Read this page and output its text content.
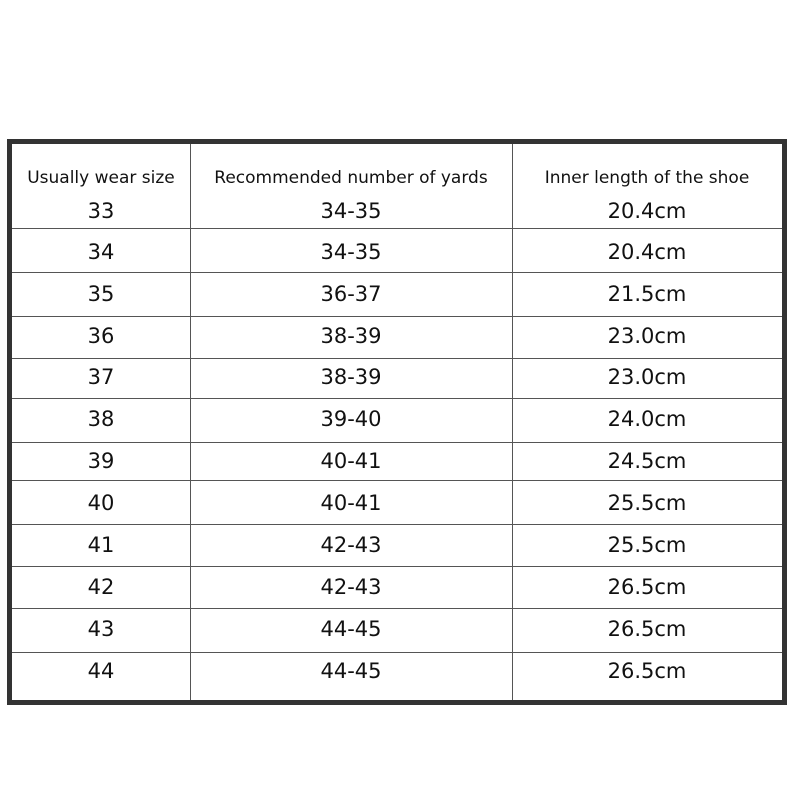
Usually wear size	Recommended number of yards	Inner length of the shoe
33	34-35	20.4cm
34	34-35	20.4cm
35	36-37	21.5cm
36	38-39	23.0cm
37	38-39	23.0cm
38	39-40	24.0cm
39	40-41	24.5cm
40	40-41	25.5cm
41	42-43	25.5cm
42	42-43	26.5cm
43	44-45	26.5cm
44	44-45	26.5cm
